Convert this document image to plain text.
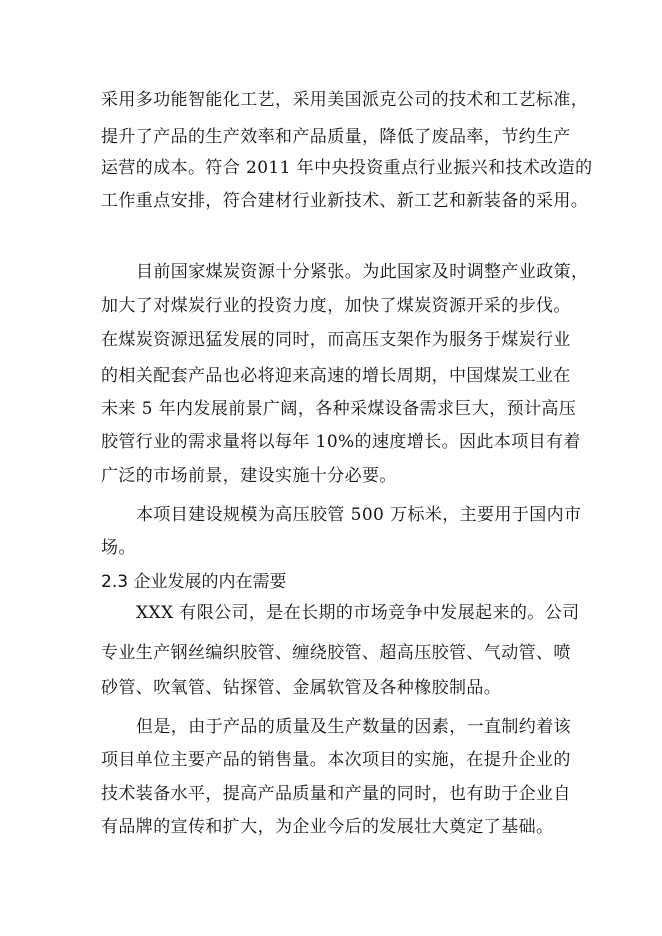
采用多功能智能化工艺，采用美国派克公司的技术和工艺标准，
提升了产品的生产效率和产品质量，降低了废品率，节约生产
运营的成本。符合 2011 年中央投资重点行业振兴和技术改造的
工作重点安排，符合建材行业新技术、新工艺和新装备的采用。
目前国家煤炭资源十分紧张。为此国家及时调整产业政策，
加大了对煤炭行业的投资力度，加快了煤炭资源开采的步伐。
在煤炭资源迅猛发展的同时，而高压支架作为服务于煤炭行业
的相关配套产品也必将迎来高速的增长周期，中国煤炭工业在
未来 5 年内发展前景广阔，各种采煤设备需求巨大，预计高压
胶管行业的需求量将以每年 10%的速度增长。因此本项目有着
广泛的市场前景，建设实施十分必要。
本项目建设规模为高压胶管 500 万标米，主要用于国内市
场。
2.3 企业发展的内在需要
XXX 有限公司，是在长期的市场竞争中发展起来的。公司
专业生产钢丝编织胶管、缠绕胶管、超高压胶管、气动管、喷
砂管、吹氧管、钻探管、金属软管及各种橡胶制品。
但是，由于产品的质量及生产数量的因素，一直制约着该
项目单位主要产品的销售量。本次项目的实施，在提升企业的
技术装备水平，提高产品质量和产量的同时，也有助于企业自
有品牌的宣传和扩大，为企业今后的发展壮大奠定了基础。
